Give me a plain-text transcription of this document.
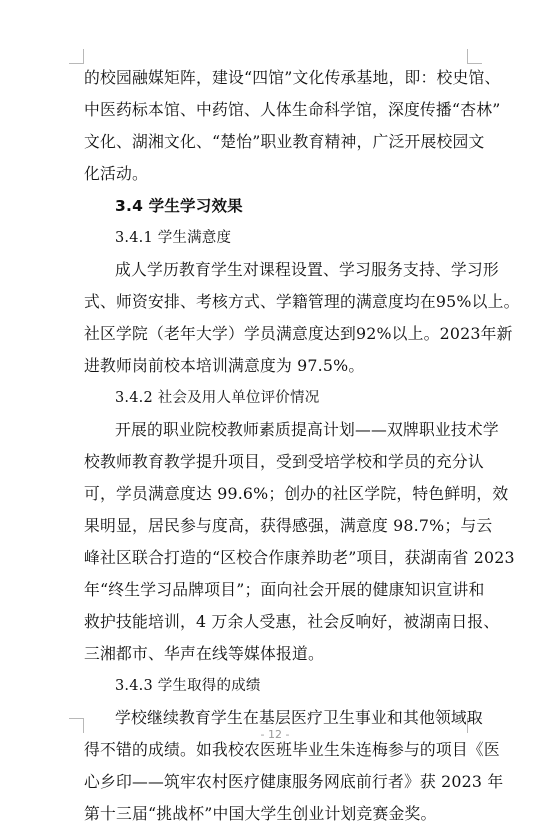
的校园融媒矩阵，建设“四馆”文化传承基地，即：校史馆、
中医药标本馆、中药馆、人体生命科学馆，深度传播“杏林”
文化、湖湘文化、“楚怡”职业教育精神，广泛开展校园文
化活动。
3.4 学生学习效果
3.4.1 学生满意度
成人学历教育学生对课程设置、学习服务支持、学习形
式、师资安排、考核方式、学籍管理的满意度均在95%以上。
社区学院（老年大学）学员满意度达到92%以上。2023年新
进教师岗前校本培训满意度为 97.5%。
3.4.2 社会及用人单位评价情况
开展的职业院校教师素质提高计划——双牌职业技术学
校教师教育教学提升项目，受到受培学校和学员的充分认
可，学员满意度达 99.6%；创办的社区学院，特色鲜明，效
果明显，居民参与度高，获得感强，满意度 98.7%；与云
峰社区联合打造的“区校合作康养助老”项目，获湖南省 2023
年“终生学习品牌项目”；面向社会开展的健康知识宣讲和
救护技能培训，4 万余人受惠，社会反响好，被湖南日报、
三湘都市、华声在线等媒体报道。
3.4.3 学生取得的成绩
学校继续教育学生在基层医疗卫生事业和其他领域取
得不错的成绩。如我校农医班毕业生朱连梅参与的项目《医
心乡印——筑牢农村医疗健康服务网底前行者》获 2023 年
第十三届“挑战杯”中国大学生创业计划竞赛金奖。
- 12 -
